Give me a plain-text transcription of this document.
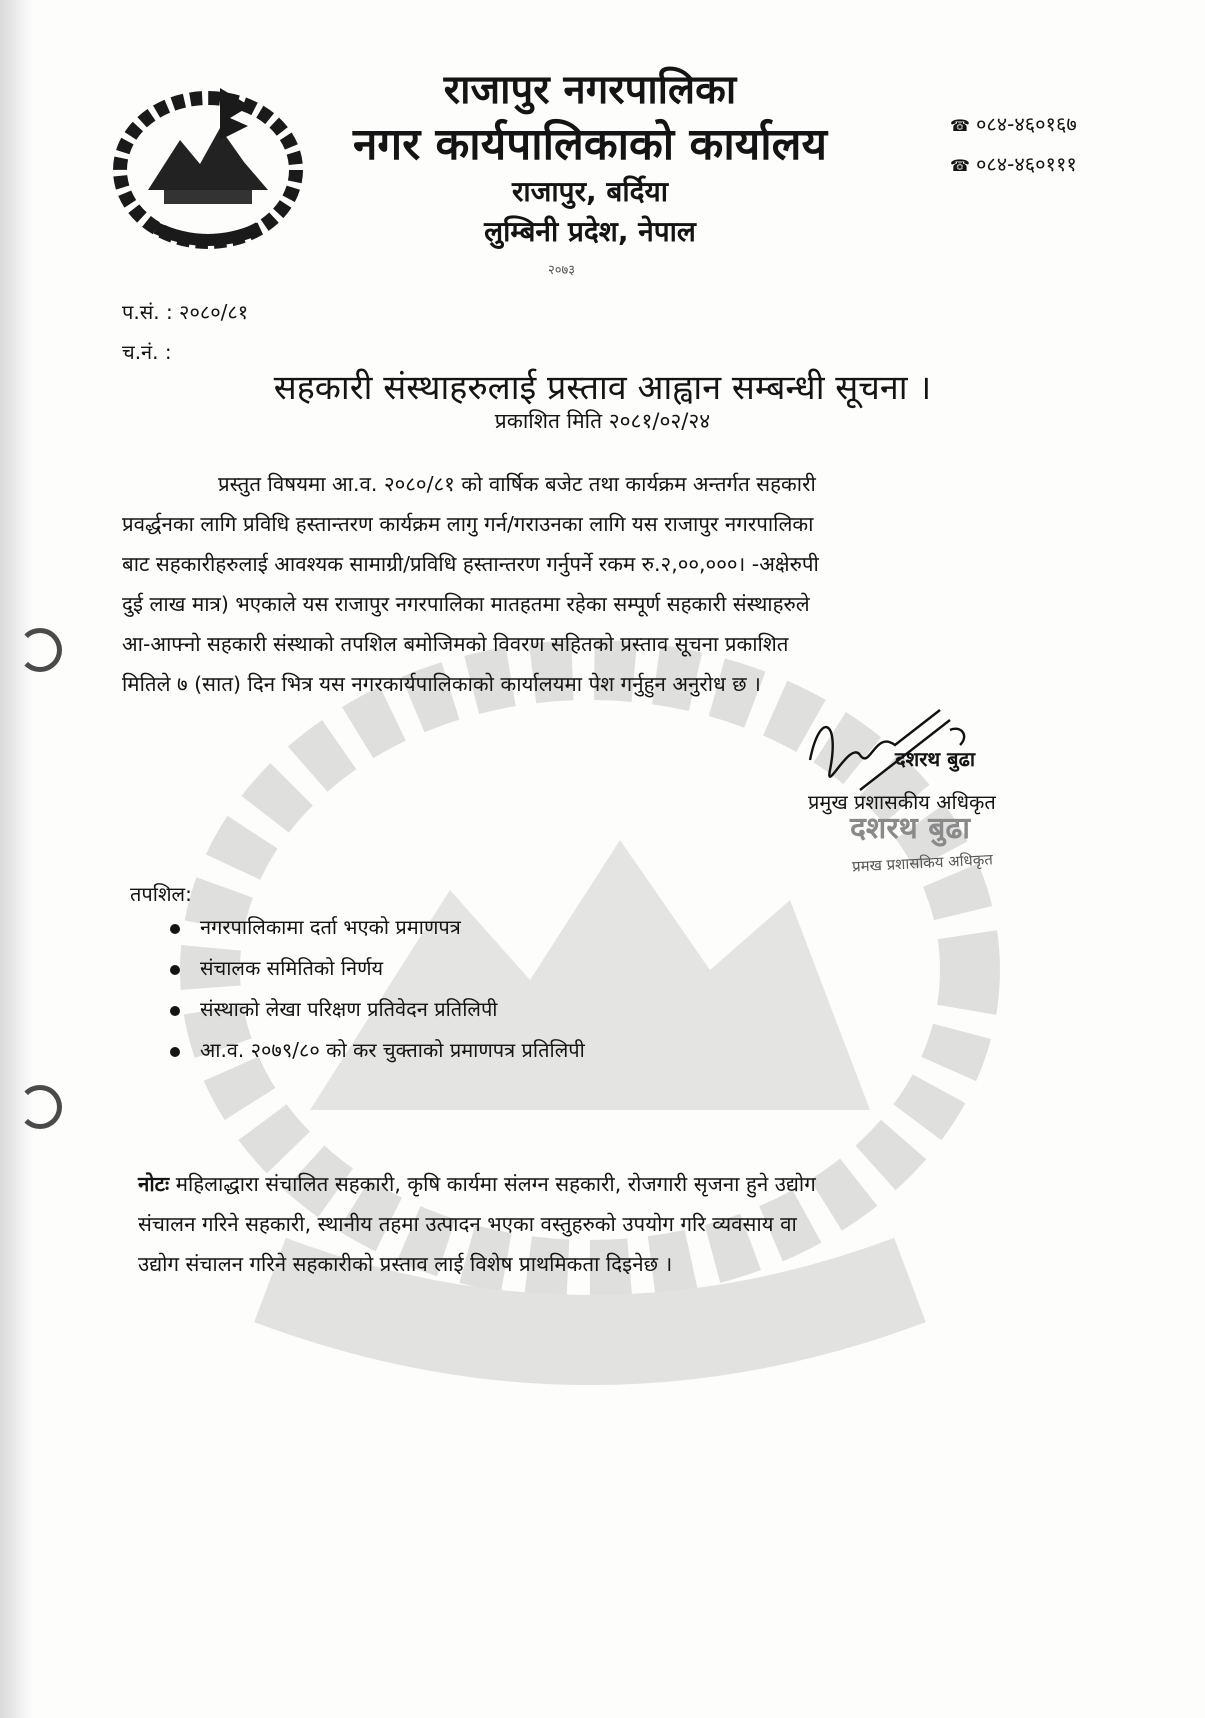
राजापुर नगरपालिका
नगर कार्यपालिकाको कार्यालय
राजापुर, बर्दिया
लुम्बिनी प्रदेश, नेपाल
२०७३
☎ ०८४-४६०१६७
☎ ०८४-४६०१११
प.सं. : २०८०/८१
च.नं. :
सहकारी संस्थाहरुलाई प्रस्ताव आह्वान सम्बन्धी सूचना ।
प्रकाशित मिति २०८१/०२/२४
प्रस्तुत विषयमा आ.व. २०८०/८१ को वार्षिक बजेट तथा कार्यक्रम अन्तर्गत सहकारी
प्रवर्द्धनका लागि प्रविधि हस्तान्तरण कार्यक्रम लागु गर्न/गराउनका लागि यस राजापुर नगरपालिका
बाट सहकारीहरुलाई आवश्यक सामाग्री/प्रविधि हस्तान्तरण गर्नुपर्ने रकम रु.२,००,०००। -अक्षेरुपी
दुई लाख मात्र) भएकाले यस राजापुर नगरपालिका मातहतमा रहेका सम्पूर्ण सहकारी संस्थाहरुले
आ-आफ्नो सहकारी संस्थाको तपशिल बमोजिमको विवरण सहितको प्रस्ताव सूचना प्रकाशित
मितिले ७ (सात) दिन भित्र यस नगरकार्यपालिकाको कार्यालयमा पेश गर्नुहुन अनुरोध छ ।
दशरथ बुढा
प्रमुख प्रशासकीय अधिकृत
दशरथ बुढा
प्रमख प्रशासकिय अधिकृत
तपशिल:
नगरपालिकामा दर्ता भएको प्रमाणपत्र
संचालक समितिको निर्णय
संस्थाको लेखा परिक्षण प्रतिवेदन प्रतिलिपी
आ.व. २०७९/८० को कर चुक्ताको प्रमाणपत्र प्रतिलिपी
नोटः महिलाद्धारा संचालित सहकारी, कृषि कार्यमा संलग्न सहकारी, रोजगारी सृजना हुने उद्योग
संचालन गरिने सहकारी, स्थानीय तहमा उत्पादन भएका वस्तुहरुको उपयोग गरि व्यवसाय वा
उद्योग संचालन गरिने सहकारीको प्रस्ताव लाई विशेष प्राथमिकता दिइनेछ ।
